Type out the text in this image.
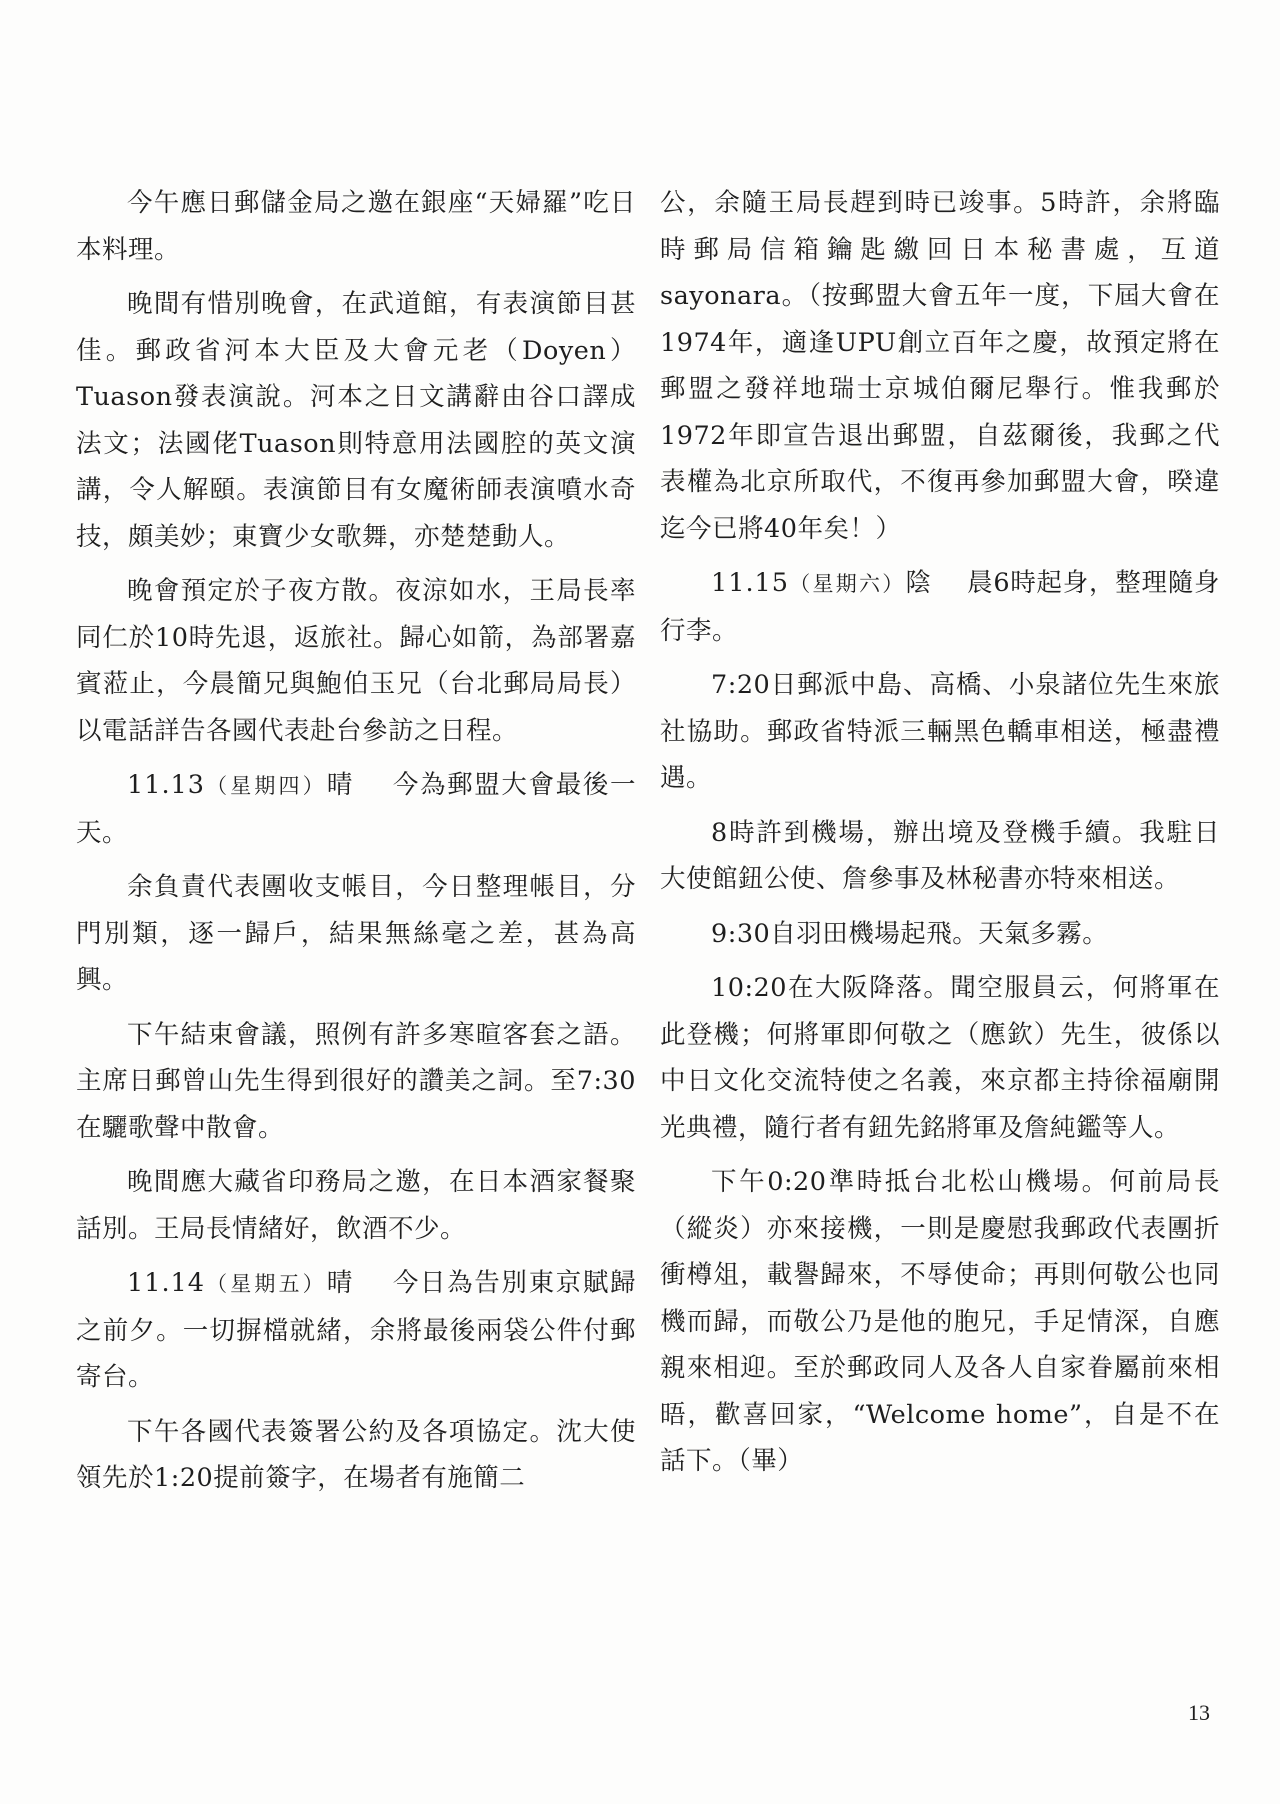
今午應日郵儲金局之邀在銀座“天婦羅”吃日本料理。

晚間有惜別晚會，在武道館，有表演節目甚佳。郵政省河本大臣及大會元老（Doyen）Tuason發表演說。河本之日文講辭由谷口譯成法文；法國佬Tuason則特意用法國腔的英文演講，令人解頤。表演節目有女魔術師表演噴水奇技，頗美妙；東寶少女歌舞，亦楚楚動人。

晚會預定於子夜方散。夜涼如水，王局長率同仁於10時先退，返旅社。歸心如箭，為部署嘉賓蒞止，今晨簡兄與鮑伯玉兄（台北郵局局長）以電話詳告各國代表赴台參訪之日程。

11.13（星期四）晴 今為郵盟大會最後一天。

余負責代表團收支帳目，今日整理帳目，分門別類，逐一歸戶，結果無絲毫之差，甚為高興。

下午結束會議，照例有許多寒暄客套之語。主席日郵曾山先生得到很好的讚美之詞。至7:30在驪歌聲中散會。

晚間應大藏省印務局之邀，在日本酒家餐聚話別。王局長情緒好，飲酒不少。

11.14（星期五）晴 今日為告別東京賦歸之前夕。一切摒檔就緒，余將最後兩袋公件付郵寄台。

下午各國代表簽署公約及各項協定。沈大使領先於1:20提前簽字，在場者有施簡二

公，余隨王局長趕到時已竣事。5時許，余將臨時郵局信箱鑰匙繳回日本秘書處，互道sayonara。（按郵盟大會五年一度，下屆大會在1974年，適逢UPU創立百年之慶，故預定將在郵盟之發祥地瑞士京城伯爾尼舉行。惟我郵於1972年即宣告退出郵盟，自茲爾後，我郵之代表權為北京所取代，不復再參加郵盟大會，暌違迄今已將40年矣！）

11.15（星期六）陰 晨6時起身，整理隨身行李。

7:20日郵派中島、高橋、小泉諸位先生來旅社協助。郵政省特派三輛黑色轎車相送，極盡禮遇。

8時許到機場，辦出境及登機手續。我駐日大使館鈕公使、詹參事及林秘書亦特來相送。

9:30自羽田機場起飛。天氣多霧。

10:20在大阪降落。聞空服員云，何將軍在此登機；何將軍即何敬之（應欽）先生，彼係以中日文化交流特使之名義，來京都主持徐福廟開光典禮，隨行者有鈕先銘將軍及詹純鑑等人。

下午0:20準時抵台北松山機場。何前局長（縱炎）亦來接機，一則是慶慰我郵政代表團折衝樽俎，載譽歸來，不辱使命；再則何敬公也同機而歸，而敬公乃是他的胞兄，手足情深，自應親來相迎。至於郵政同人及各人自家眷屬前來相晤，歡喜回家，“Welcome home”，自是不在話下。（畢）

13
